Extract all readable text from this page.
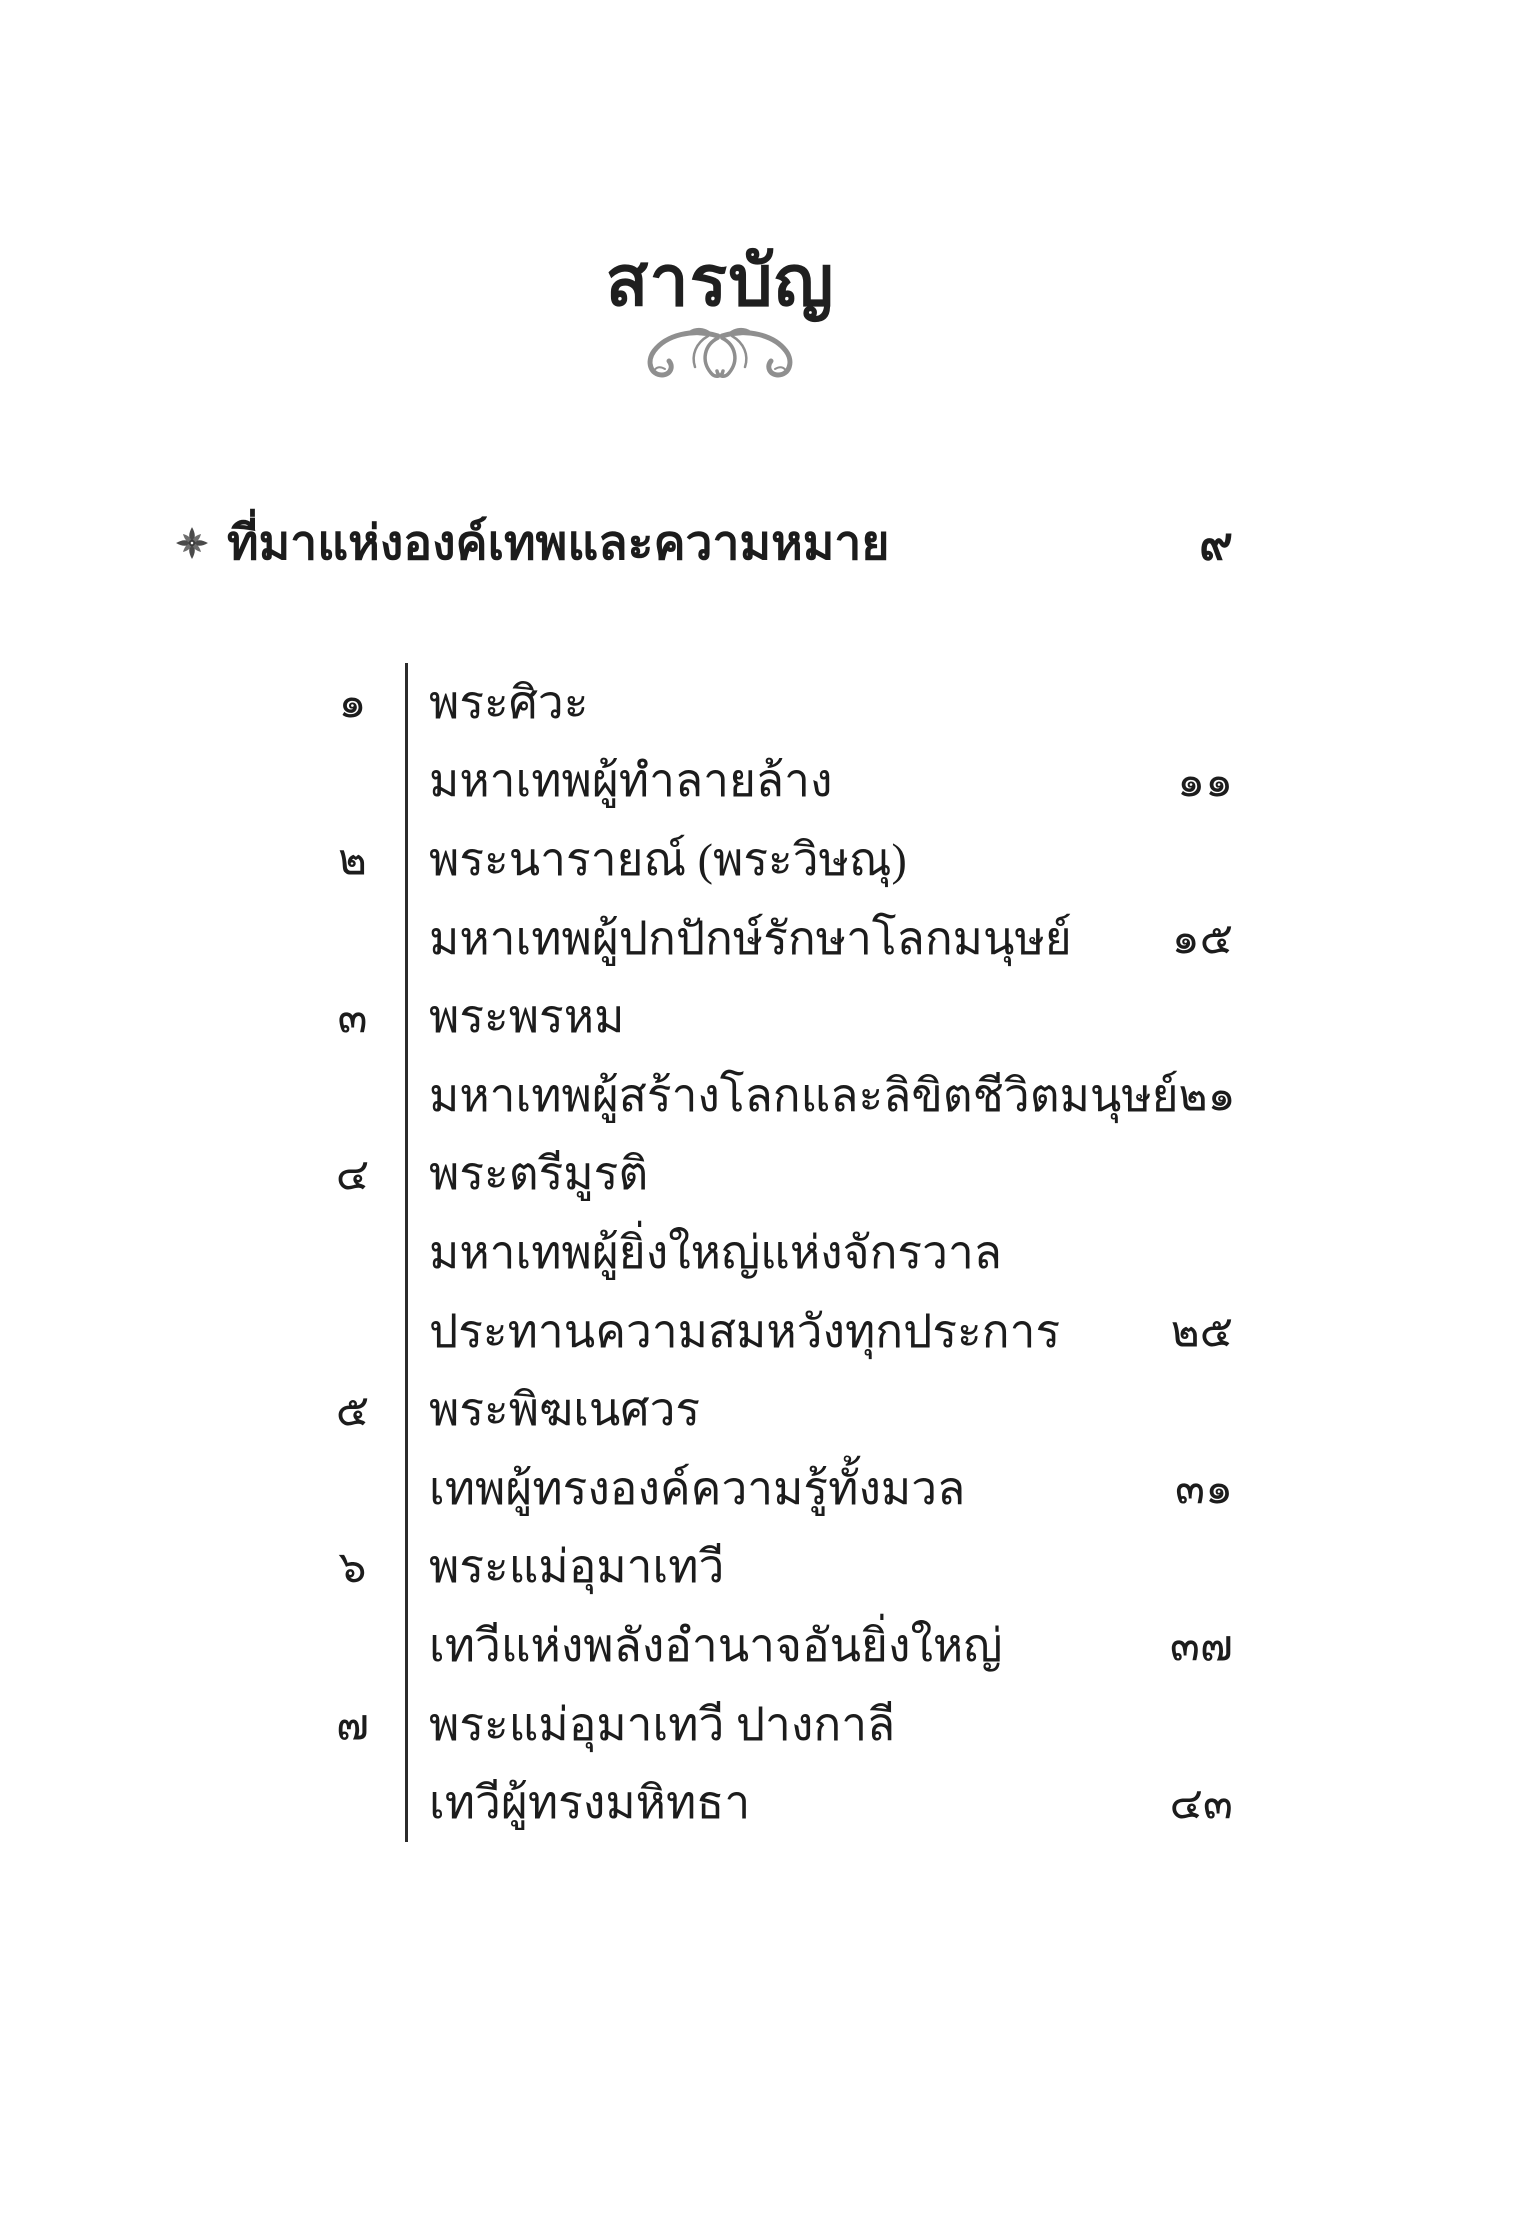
สารบัญ
ที่มาแห่งองค์เทพและความหมาย	๙
๑	พระศิวะ
มหาเทพผู้ทำลายล้าง	๑๑
๒	พระนารายณ์ (พระวิษณุ)
มหาเทพผู้ปกปักษ์รักษาโลกมนุษย์ ๑๕
๓	พระพรหม
มหาเทพผู้สร้างโลกและลิขิตชีวิตมนุษย์ ๒๑
๔	พระตรีมูรติ
มหาเทพผู้ยิ่งใหญ่แห่งจักรวาล
ประทานความสมหวังทุกประการ	๒๕
๕	พระพิฆเนศวร
เทพผู้ทรงองค์ความรู้ทั้งมวล	๓๑
๖	พระแม่อุมาเทวี
เทวีแห่งพลังอำนาจอันยิ่งใหญ่	๓๗
๗	พระแม่อุมาเทวี ปางกาลี
เทวีผู้ทรงมหิทธา	๔๓
